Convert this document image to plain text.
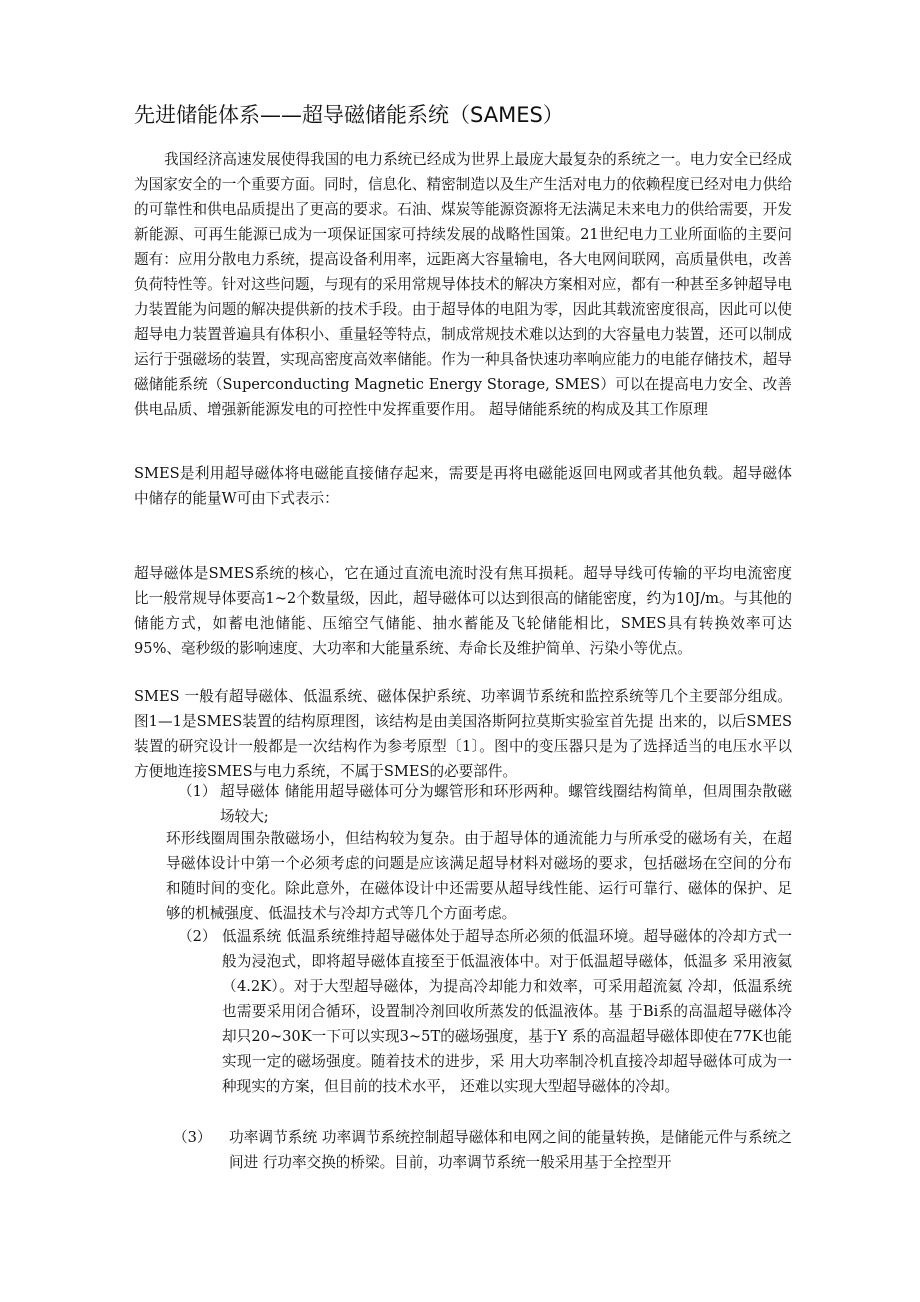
先进储能体系——超导磁储能系统（SAMES）
我国经济高速发展使得我国的电力系统已经成为世界上最庞大最复杂的系统之一。电力安全已经成为国家安全的一个重要方面。同时，信息化、精密制造以及生产生活对电力的依赖程度已经对电力供给的可靠性和供电品质提出了更高的要求。石油、煤炭等能源资源将无法满足未来电力的供给需要，开发新能源、可再生能源已成为一项保证国家可持续发展的战略性国策。21世纪电力工业所面临的主要问题有：应用分散电力系统，提高设备利用率，远距离大容量输电，各大电网间联网，高质量供电，改善负荷特性等。针对这些问题，与现有的采用常规导体技术的解决方案相对应，都有一种甚至多钟超导电力装置能为问题的解决提供新的技术手段。由于超导体的电阻为零，因此其载流密度很高，因此可以使超导电力装置普遍具有体积小、重量轻等特点，制成常规技术难以达到的大容量电力装置，还可以制成运行于强磁场的装置，实现高密度高效率储能。作为一种具备快速功率响应能力的电能存储技术，超导磁储能系统（Superconducting Magnetic Energy Storage, SMES）可以在提高电力安全、改善供电品质、增强新能源发电的可控性中发挥重要作用。 超导储能系统的构成及其工作原理
SMES是利用超导磁体将电磁能直接储存起来，需要是再将电磁能返回电网或者其他负载。超导磁体中储存的能量W可由下式表示：
超导磁体是SMES系统的核心，它在通过直流电流时没有焦耳损耗。超导导线可传输的平均电流密度比一般常规导体要高1~2个数量级，因此，超导磁体可以达到很高的储能密度，约为10J/m。与其他的储能方式，如蓄电池储能、压缩空气储能、抽水蓄能及飞轮储能相比，SMES具有转换效率可达95%、毫秒级的影响速度、大功率和大能量系统、寿命长及维护简单、污染小等优点。
SMES 一般有超导磁体、低温系统、磁体保护系统、功率调节系统和监控系统等几个主要部分组成。图1—1是SMES装置的结构原理图，该结构是由美国洛斯阿拉莫斯实验室首先提 出来的，以后SMES装置的研究设计一般都是一次结构作为参考原型〔1〕。图中的变压器只是为了选择适当的电压水平以方便地连接SMES与电力系统，不属于SMES的必要部件。
（1） 超导磁体 储能用超导磁体可分为螺管形和环形两种。螺管线圈结构简单，但周围杂散磁场较大;
环形线圈周围杂散磁场小，但结构较为复杂。由于超导体的通流能力与所承受的磁场有关，在超导磁体设计中第一个必须考虑的问题是应该满足超导材料对磁场的要求，包括磁场在空间的分布和随时间的变化。除此意外，在磁体设计中还需要从超导线性能、运行可靠行、磁体的保护、足够的机械强度、低温技术与冷却方式等几个方面考虑。
（2） 低温系统 低温系统维持超导磁体处于超导态所必须的低温环境。超导磁体的冷却方式一 般为浸泡式，即将超导磁体直接至于低温液体中。对于低温超导磁体，低温多 采用液氦（4.2K）。对于大型超导磁体，为提高冷却能力和效率，可采用超流氦 冷却，低温系统也需要采用闭合循环，设置制冷剂回收所蒸发的低温液体。基 于Bi系的高温超导磁体冷却只20~30K一下可以实现3~5T的磁场强度，基于Y 系的高温超导磁体即使在77K也能实现一定的磁场强度。随着技术的进步，采 用大功率制冷机直接冷却超导磁体可成为一种现实的方案，但目前的技术水平， 还难以实现大型超导磁体的冷却。
（3）	功率调节系统 功率调节系统控制超导磁体和电网之间的能量转换，是储能元件与系统之间进 行功率交换的桥梁。目前，功率调节系统一般采用基于全控型开
